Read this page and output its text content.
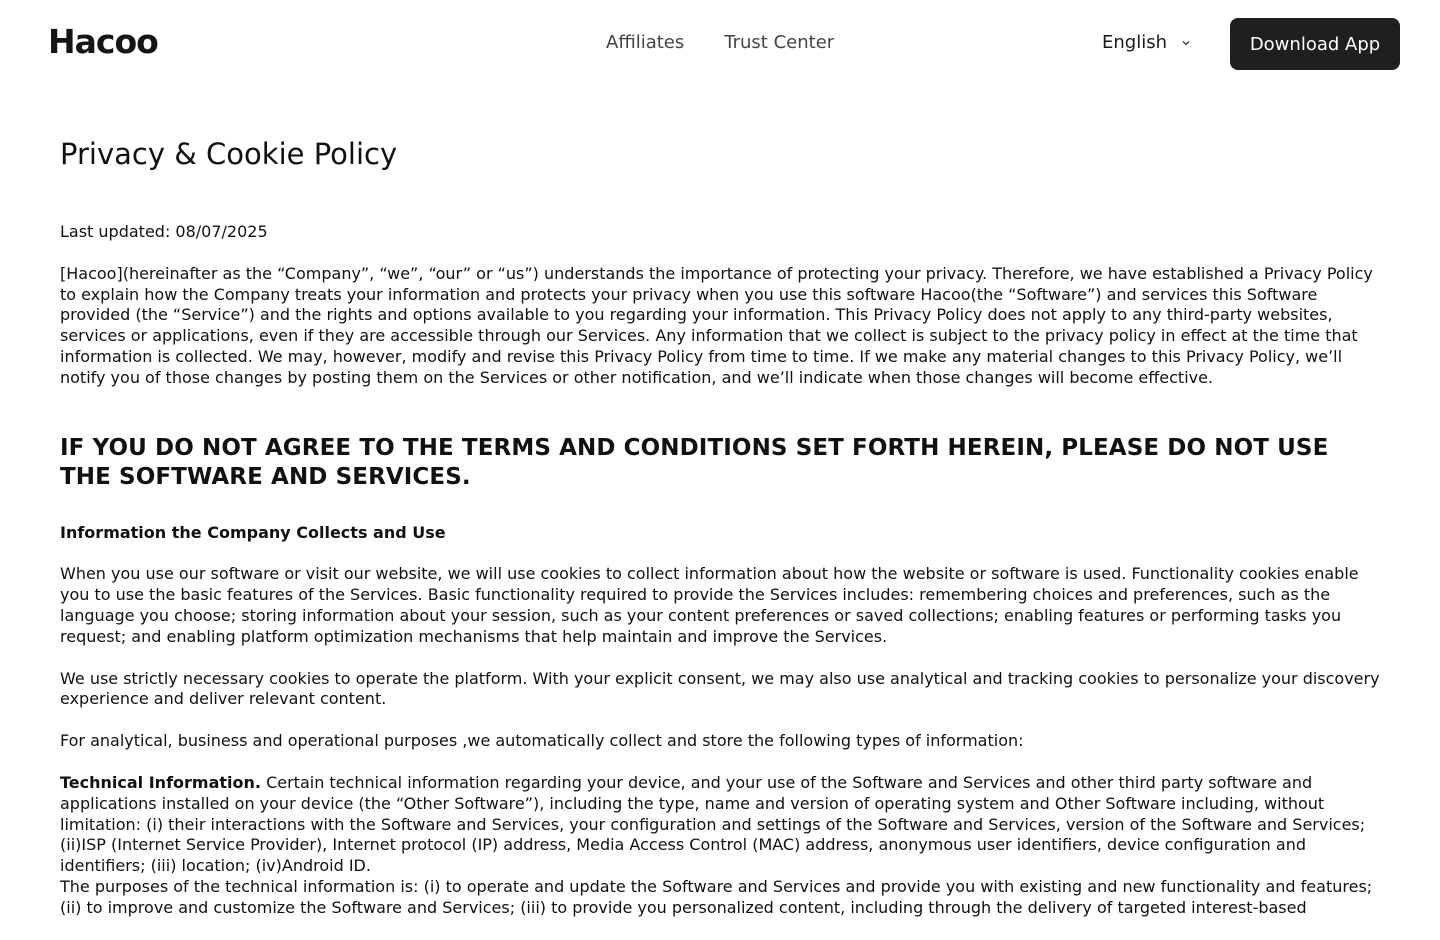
Hacoo	Affiliates Trust Center	English	Download App
Privacy & Cookie Policy

Last updated: 08/07/2025

[Hacoo](hereinafter as the “Company”, “we”, “our” or “us”) understands the importance of protecting your privacy. Therefore, we have established a Privacy Policy to explain how the Company treats your information and protects your privacy when you use this software Hacoo(the “Software”) and services this Software provided (the “Service”) and the rights and options available to you regarding your information. This Privacy Policy does not apply to any third-party websites, services or applications, even if they are accessible through our Services. Any information that we collect is subject to the privacy policy in effect at the time that information is collected. We may, however, modify and revise this Privacy Policy from time to time. If we make any material changes to this Privacy Policy, we’ll notify you of those changes by posting them on the Services or other notification, and we’ll indicate when those changes will become effective.

IF YOU DO NOT AGREE TO THE TERMS AND CONDITIONS SET FORTH HEREIN, PLEASE DO NOT USE THE SOFTWARE AND SERVICES.

Information the Company Collects and Use

When you use our software or visit our website, we will use cookies to collect information about how the website or software is used. Functionality cookies enable you to use the basic features of the Services. Basic functionality required to provide the Services includes: remembering choices and preferences, such as the language you choose; storing information about your session, such as your content preferences or saved collections; enabling features or performing tasks you request; and enabling platform optimization mechanisms that help maintain and improve the Services.

We use strictly necessary cookies to operate the platform. With your explicit consent, we may also use analytical and tracking cookies to personalize your discovery experience and deliver relevant content.

For analytical, business and operational purposes ,we automatically collect and store the following types of information:

Technical Information. Certain technical information regarding your device, and your use of the Software and Services and other third party software and applications installed on your device (the “Other Software”), including the type, name and version of operating system and Other Software including, without limitation: (i) their interactions with the Software and Services, your configuration and settings of the Software and Services, version of the Software and Services; (ii)ISP (Internet Service Provider), Internet protocol (IP) address, Media Access Control (MAC) address, anonymous user identifiers, device configuration and identifiers; (iii) location; (iv)Android ID.

The purposes of the technical information is: (i) to operate and update the Software and Services and provide you with existing and new functionality and features; (ii) to improve and customize the Software and Services; (iii) to provide you personalized content, including through the delivery of targeted interest-based
